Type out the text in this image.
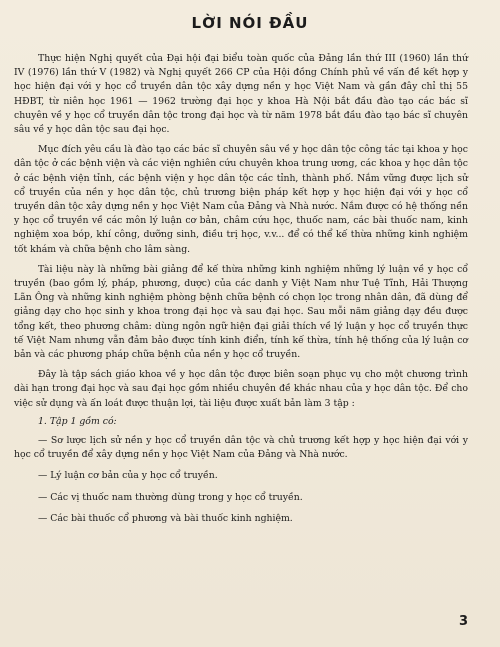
LỜI NÓI ĐẦU

Thực hiện Nghị quyết của Đại hội đại biểu toàn quốc của Đảng lần thứ III (1960) lần thứ IV (1976) lần thứ V (1982) và Nghị quyết 266 CP của Hội đồng Chính phủ về vấn đề kết hợp y học hiện đại với y học cổ truyền dân tộc xây dựng nền y học Việt Nam và gần đây chỉ thị 55 HĐBT, từ niên học 1961 — 1962 trường đại học y khoa Hà Nội bắt đầu đào tạo các bác sĩ chuyên về y học cổ truyền dân tộc trong đại học và từ năm 1978 bắt đầu đào tạo bác sĩ chuyên sâu về y học dân tộc sau đại học.

Mục đích yêu cầu là đào tạo các bác sĩ chuyên sâu về y học dân tộc công tác tại khoa y học dân tộc ở các bệnh viện và các viện nghiên cứu chuyên khoa trung ương, các khoa y học dân tộc ở các bệnh viện tỉnh, các bệnh viện y học dân tộc các tỉnh, thành phố. Nắm vững được lịch sử cổ truyền của nền y học dân tộc, chủ trương biện pháp kết hợp y học hiện đại với y học cổ truyền dân tộc xây dựng nền y học Việt Nam của Đảng và Nhà nước. Nắm được có hệ thống nền y học cổ truyền về các môn lý luận cơ bản, châm cứu học, thuốc nam, các bài thuốc nam, kinh nghiệm xoa bóp, khí công, dưỡng sinh, điều trị học, v.v... để có thể kế thừa những kinh nghiệm tốt khám và chữa bệnh cho lâm sàng.

Tài liệu này là những bài giảng để kế thừa những kinh nghiệm những lý luận về y học cổ truyền (bao gồm lý, pháp, phương, dược) của các danh y Việt Nam như Tuệ Tĩnh, Hải Thượng Lãn Ông và những kinh nghiệm phòng bệnh chữa bệnh có chọn lọc trong nhân dân, đã dùng để giảng dạy cho học sinh y khoa trong đại học và sau đại học. Sau mỗi năm giảng dạy đều được tổng kết, theo phương châm: dùng ngôn ngữ hiện đại giải thích về lý luận y học cổ truyền thực tế Việt Nam nhưng vẫn đảm bảo được tính kinh điển, tính kế thừa, tính hệ thống của lý luận cơ bản và các phương pháp chữa bệnh của nền y học cổ truyền.

Đây là tập sách giáo khoa về y học dân tộc được biên soạn phục vụ cho một chương trình dài hạn trong đại học và sau đại học gồm nhiều chuyên đề khác nhau của y học dân tộc. Để cho việc sử dụng và ấn loát được thuận lợi, tài liệu được xuất bản làm 3 tập :

1. Tập 1 gồm có:

— Sơ lược lịch sử nền y học cổ truyền dân tộc và chủ trương kết hợp y học hiện đại với y học cổ truyền để xây dựng nền y học Việt Nam của Đảng và Nhà nước.

— Lý luận cơ bản của y học cổ truyền.

— Các vị thuốc nam thường dùng trong y học cổ truyền.

— Các bài thuốc cổ phương và bài thuốc kinh nghiệm.

3
